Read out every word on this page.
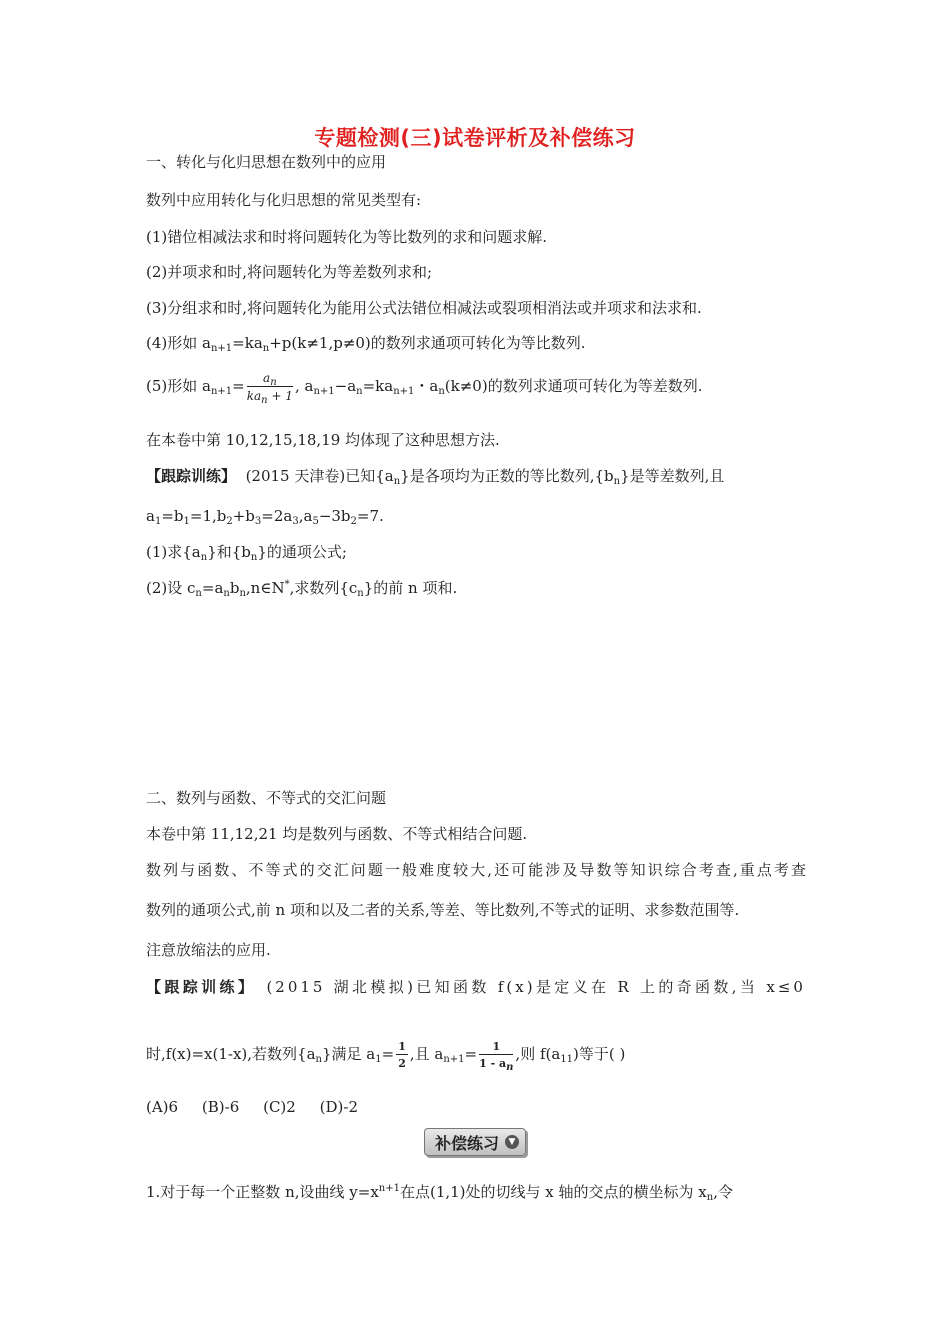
专题检测(三)试卷评析及补偿练习
一、转化与化归思想在数列中的应用
数列中应用转化与化归思想的常见类型有:
(1)错位相减法求和时将问题转化为等比数列的求和问题求解.
(2)并项求和时,将问题转化为等差数列求和;
(3)分组求和时,将问题转化为能用公式法错位相减法或裂项相消法或并项求和法求和.
(4)形如 $a_{n+1}=ka_n+p(k\ne 1,p\ne 0)$的数列求通项可转化为等比数列.
(5)形如 $a_{n+1}= \frac{a_n}{ka_n + 1}$ , $a_{n+1}-a_n=ka_{n+1}$・$a_n(k\ne 0)$的数列求通项可转化为等差数列.
在本卷中第 10,12,15,18,19 均体现了这种思想方法.
【跟踪训练】 (2015 天津卷)已知$\{a_n\}$是各项均为正数的等比数列$,\{b_n\}$是等差数列,且
$a_1=b_1=1,b_2+b_3=2a_3,a_5-3b_2=7$.
(1)求$\{a_n\}$和$\{b_n\}$的通项公式;
(2)设 $c_n=a_nb_n,n\in N^*$,求数列$\{c_n\}$的前 n 项和.
二、数列与函数、不等式的交汇问题
本卷中第 11,12,21 均是数列与函数、不等式相结合问题.
数列与函数、不等式的交汇问题一般难度较大,还可能涉及导数等知识综合考查,重点考查
数列的通项公式,前 n 项和以及二者的关系,等差、等比数列,不等式的证明、求参数范围等.
注意放缩法的应用.
【跟踪训练】 (2015 湖北模拟)已知函数 f(x)是定义在 R 上的奇函数,当 x≤0
时,f(x)=x(1-x),若数列$\{a_n\}$满足 $a_1= \frac{1}{2}$ ,且 $a_{n+1}= \frac{1}{1 - a_n}$ ,则 $f(a_{11})$等于( )
(A)6     (B)-6     (C)2     (D)-2
补偿练习	▼
1.对于每一个正整数 n,设曲线 $y=x^{n+1}$在点(1,1)处的切线与 x 轴的交点的横坐标为 $x_n$,令
